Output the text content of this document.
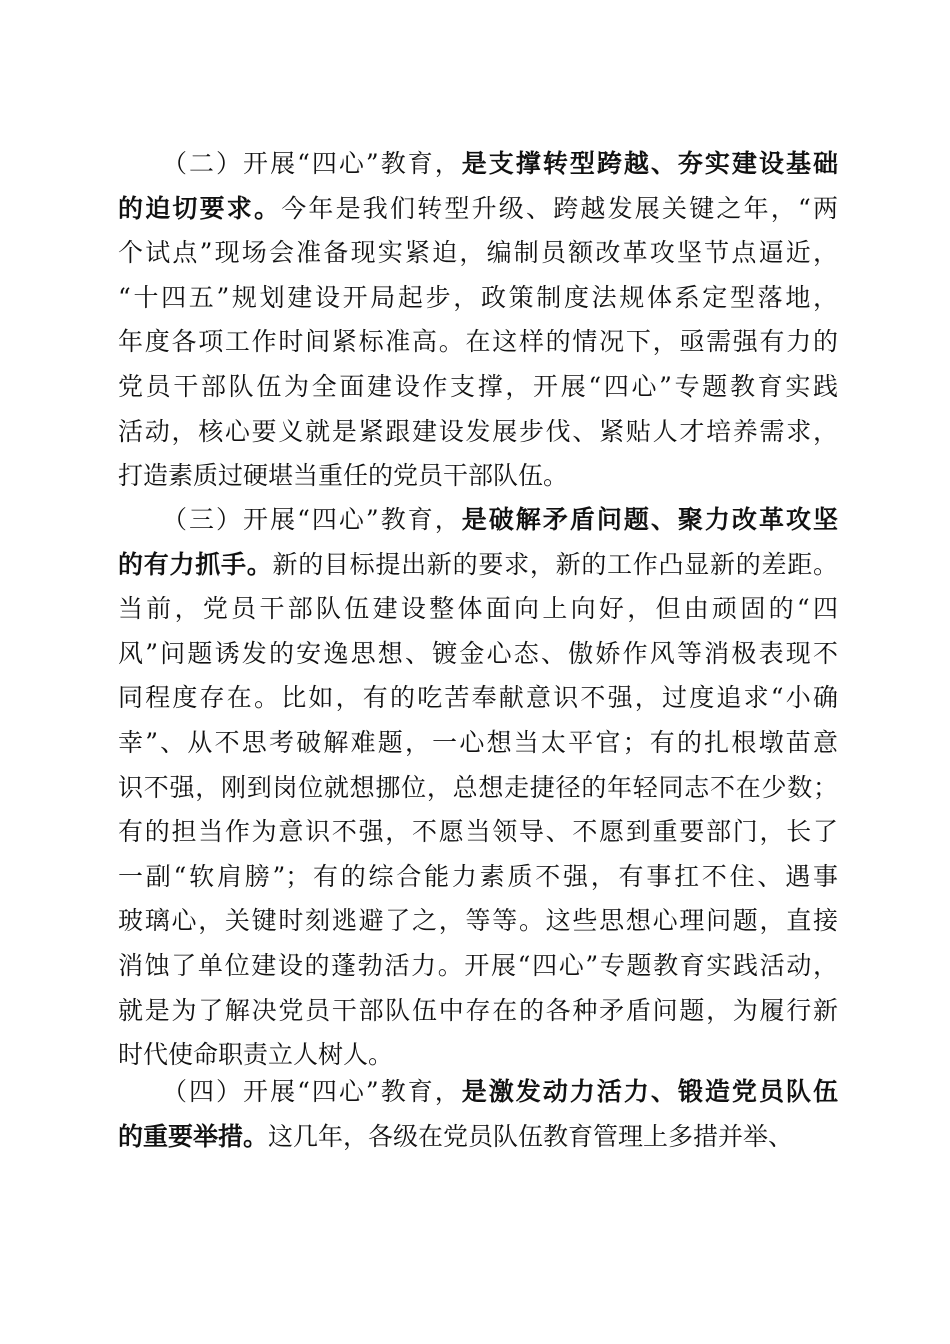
（二）开展“四心”教育，是支撑转型跨越、夯实建设基础
的迫切要求。今年是我们转型升级、跨越发展关键之年，“两
个试点”现场会准备现实紧迫，编制员额改革攻坚节点逼近，
“十四五”规划建设开局起步，政策制度法规体系定型落地，
年度各项工作时间紧标准高。在这样的情况下，亟需强有力的
党员干部队伍为全面建设作支撑，开展“四心”专题教育实践
活动，核心要义就是紧跟建设发展步伐、紧贴人才培养需求，
打造素质过硬堪当重任的党员干部队伍。
（三）开展“四心”教育，是破解矛盾问题、聚力改革攻坚
的有力抓手。新的目标提出新的要求，新的工作凸显新的差距。
当前，党员干部队伍建设整体面向上向好，但由顽固的“四
风”问题诱发的安逸思想、镀金心态、傲娇作风等消极表现不
同程度存在。比如，有的吃苦奉献意识不强，过度追求“小确
幸”、从不思考破解难题，一心想当太平官；有的扎根墩苗意
识不强，刚到岗位就想挪位，总想走捷径的年轻同志不在少数；
有的担当作为意识不强，不愿当领导、不愿到重要部门，长了
一副“软肩膀”；有的综合能力素质不强，有事扛不住、遇事
玻璃心，关键时刻逃避了之，等等。这些思想心理问题，直接
消蚀了单位建设的蓬勃活力。开展“四心”专题教育实践活动，
就是为了解决党员干部队伍中存在的各种矛盾问题，为履行新
时代使命职责立人树人。
（四）开展“四心”教育，是激发动力活力、锻造党员队伍
的重要举措。这几年，各级在党员队伍教育管理上多措并举、
